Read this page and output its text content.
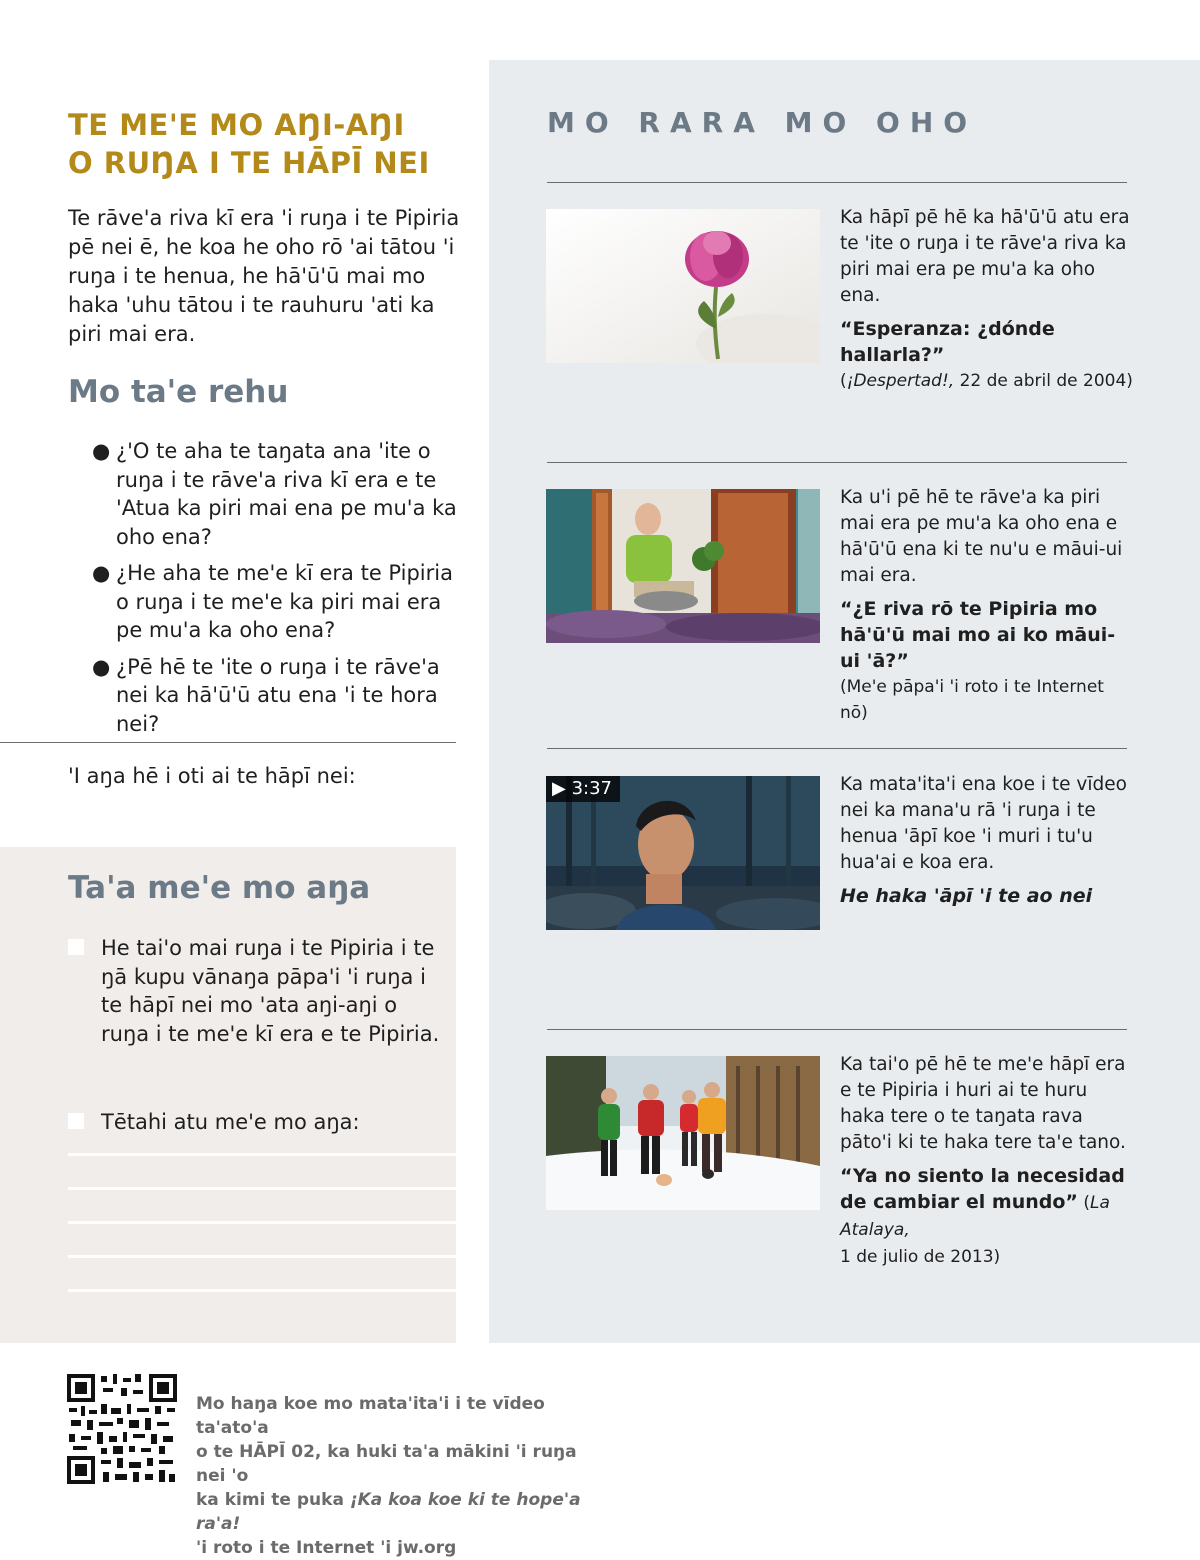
TE ME'E MO AŊI-AŊI
O RUŊA I TE HĀPĪ NEI

Te rāve'a riva kī era 'i ruŋa i te Pipiria pē nei ē, he koa he oho rō 'ai tātou 'i ruŋa i te henua, he hā'ū'ū mai mo haka 'uhu tātou i te rauhuru 'ati ka piri mai era.

Mo ta'e rehu
● ¿'O te aha te taŋata ana 'ite o ruŋa i te rāve'a riva kī era e te 'Atua ka piri mai ena pe mu'a ka oho ena?
● ¿He aha te me'e kī era te Pipiria o ruŋa i te me'e ka piri mai era pe mu'a ka oho ena?
● ¿Pē hē te 'ite o ruŋa i te rāve'a nei ka hā'ū'ū atu ena 'i te hora nei?
'I aŋa hē i oti ai te hāpī nei:
Ta'a me'e mo aŋa
He tai'o mai ruŋa i te Pipiria i te ŋā kupu vānaŋa pāpa'i 'i ruŋa i te hāpī nei mo 'ata aŋi-aŋi o ruŋa i te me'e kī era e te Pipiria.
Tētahi atu me'e mo aŋa:
MO RARA MO OHO

Ka hāpī pē hē ka hā'ū'ū atu era te 'ite o ruŋa i te rāve'a riva ka piri mai era pe mu'a ka oho ena.

“Esperanza: ¿dónde hallarla?”

(¡Despertad!, 22 de abril de 2004)

Ka u'i pē hē te rāve'a ka piri mai era pe mu'a ka oho ena e hā'ū'ū ena ki te nu'u e māui-ui mai era.

“¿E riva rō te Pipiria mo hā'ū'ū mai mo ai ko māui-ui 'ā?”

(Me'e pāpa'i 'i roto i te Internet nō)

▶ 3:37	Ka mata'ita'i ena koe i te vīdeo nei ka mana'u rā 'i ruŋa i te henua 'āpī koe 'i muri i tu'u hua'ai e koa era.

He haka 'āpī 'i te ao nei

Ka tai'o pē hē te me'e hāpī era e te Pipiria i huri ai te huru haka tere o te taŋata rava pāto'i ki te haka tere ta'e tano.

“Ya no siento la necesidad de cambiar el mundo” (La Atalaya,
1 de julio de 2013)

Mo haŋa koe mo mata'ita'i i te vīdeo ta'ato'a
o te HĀPĪ 02, ka huki ta'a mākini 'i ruŋa nei 'o
ka kimi te puka ¡Ka koa koe ki te hope'a ra'a!
'i roto i te Internet 'i jw.org
